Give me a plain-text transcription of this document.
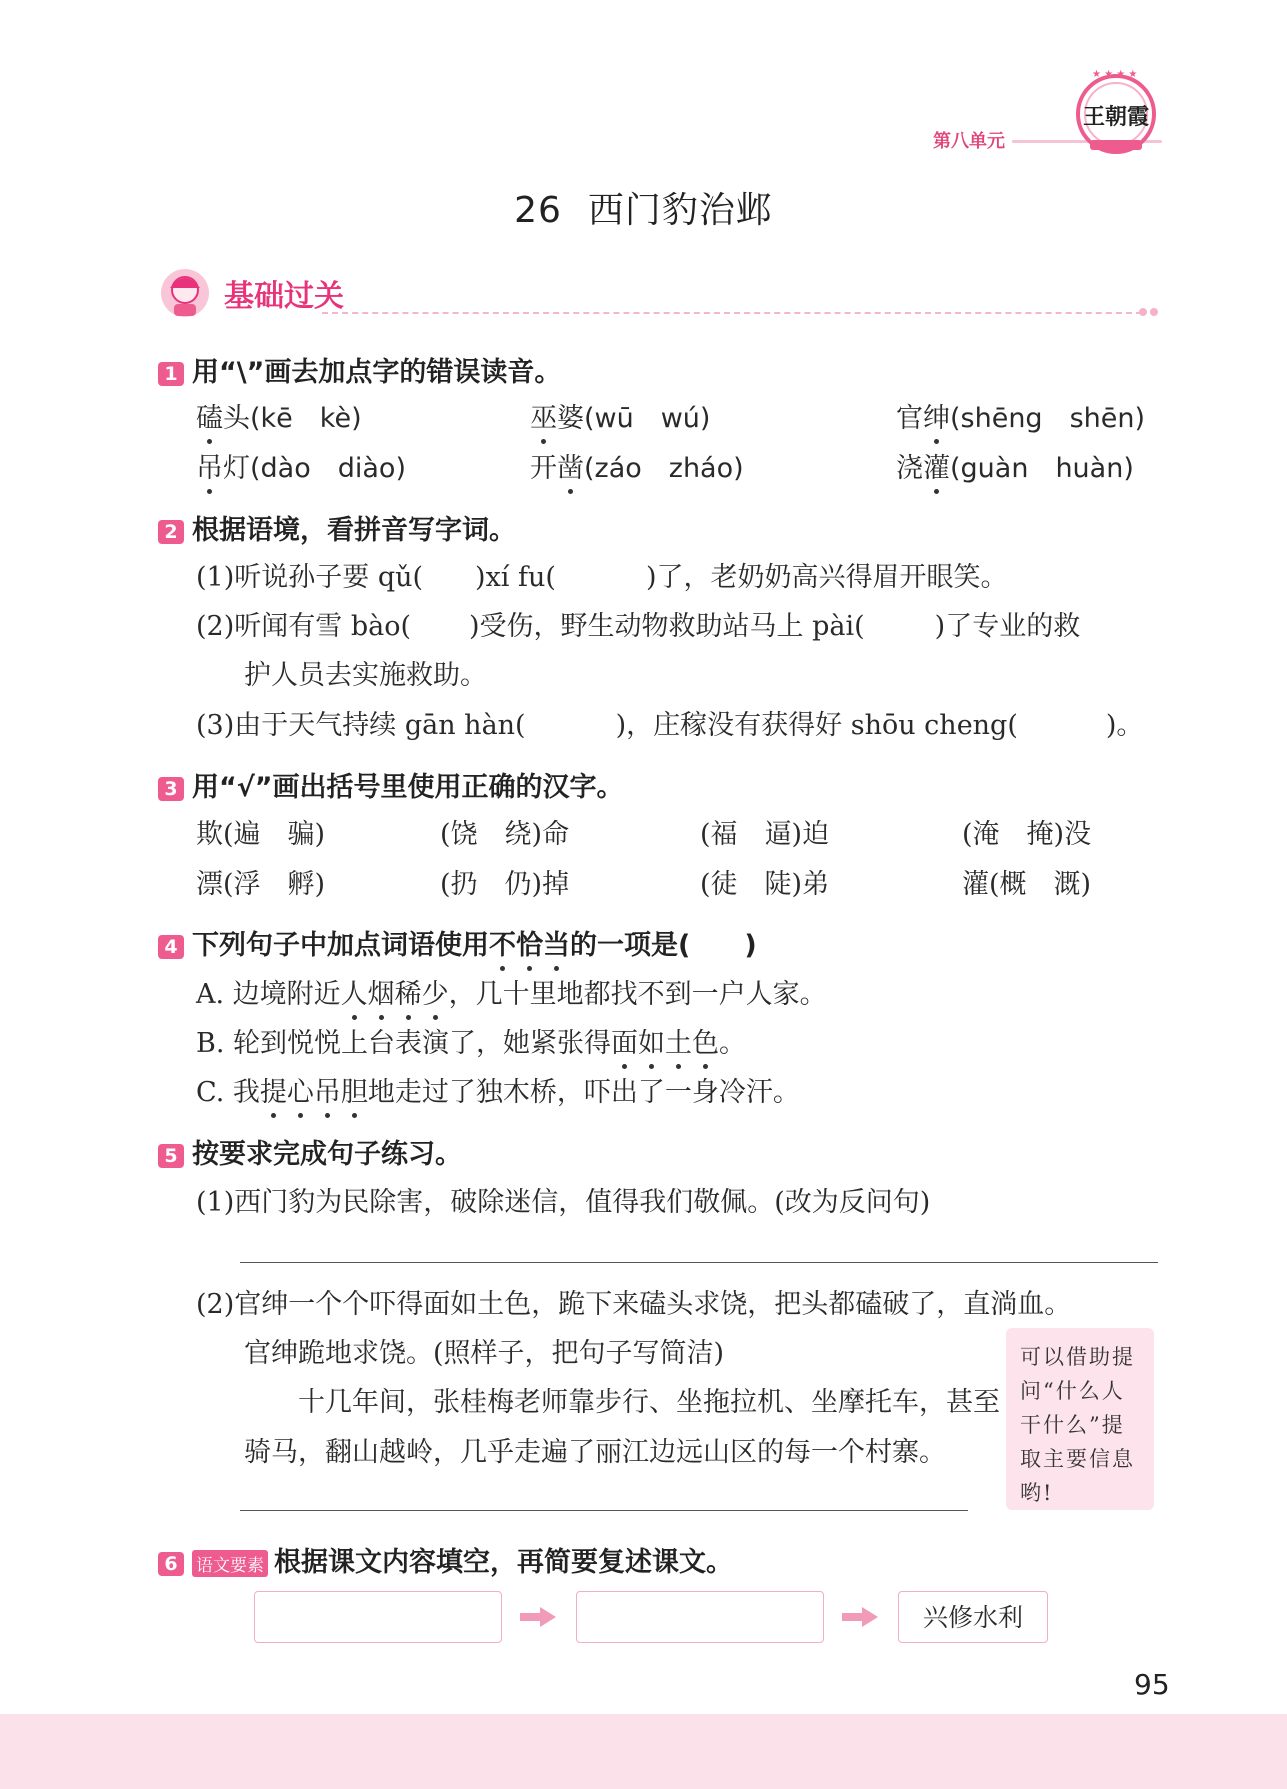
第八单元
★ ★ ★ ★
王朝霞
26 西门豹治邺
基础过关
1 用“\”画去加点字的错误读音。
磕头(kē　kè)	巫婆(wū　wú)	官绅(shēng　shēn)
吊灯(dào　diào)	开凿(záo　zháo)	浇灌(guàn　huàn)
2 根据语境，看拼音写字词。
(1)听说孙子要 qǔ( )xí fu(	)了，老奶奶高兴得眉开眼笑。
(2)听闻有雪 bào( )受伤，野生动物救助站马上 pài(	)了专业的救
护人员去实施救助。
(3)由于天气持续 gān hàn(	)，庄稼没有获得好 shōu cheng(	)。
3 用“√”画出括号里使用正确的汉字。
欺(遍　骗)	(饶　绕)命	(福　逼)迫	(淹　掩)没
漂(浮　孵)	(扔　仍)掉	(徒　陡)弟	灌(概　溉)
4 下列句子中加点词语使用不恰当的一项是(　　)
A. 边境附近人烟稀少，几十里地都找不到一户人家。
B. 轮到悦悦上台表演了，她紧张得面如土色。
C. 我提心吊胆地走过了独木桥，吓出了一身冷汗。
5 按要求完成句子练习。
(1)西门豹为民除害，破除迷信，值得我们敬佩。(改为反问句)
(2)官绅一个个吓得面如土色，跪下来磕头求饶，把头都磕破了，直淌血。
官绅跪地求饶。(照样子，把句子写简洁)
十几年间，张桂梅老师靠步行、坐拖拉机、坐摩托车，甚至
骑马，翻山越岭，几乎走遍了丽江边远山区的每一个村寨。
可以借助提问“什么人干什么”提取主要信息哟!
6 语文要素 根据课文内容填空，再简要复述课文。
兴修水利
95
